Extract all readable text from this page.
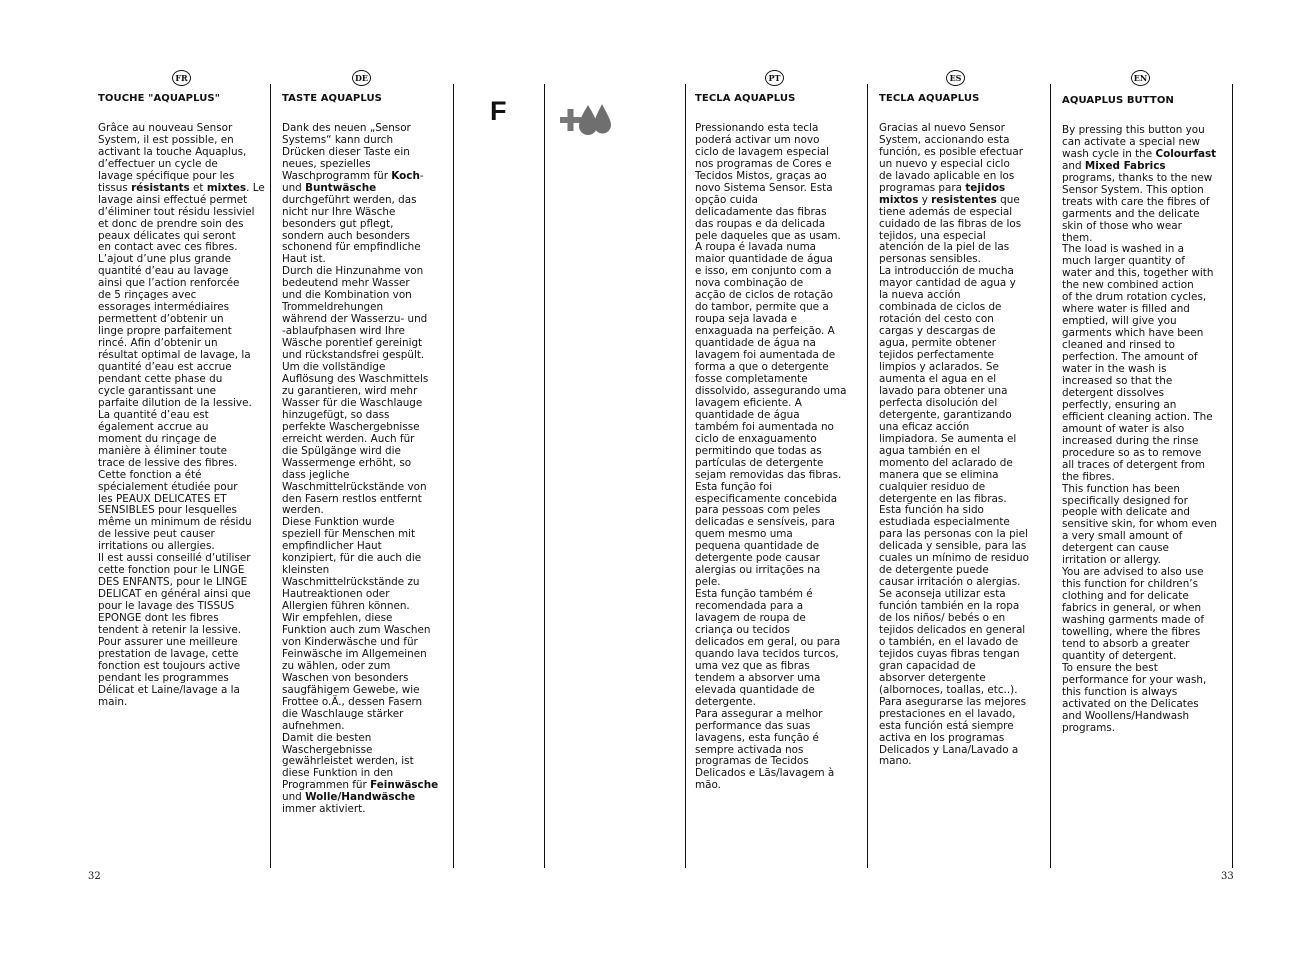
FR	DE	PT	ES	EN
F
TOUCHE "AQUAPLUS"
Grâce au nouveau Sensor
System, il est possible, en
activant la touche Aquaplus,
d’effectuer un cycle de
lavage spécifique pour les
tissus résistants et mixtes. Le
lavage ainsi effectué permet
d’éliminer tout résidu lessiviel
et donc de prendre soin des
peaux délicates qui seront
en contact avec ces fibres.
L’ajout d’une plus grande
quantité d’eau au lavage
ainsi que l’action renforcée
de 5 rinçages avec
essorages intermédiaires
permettent d’obtenir un
linge propre parfaitement
rincé. Afin d’obtenir un
résultat optimal de lavage, la
quantité d’eau est accrue
pendant cette phase du
cycle garantissant une
parfaite dilution de la lessive.
La quantité d’eau est
également accrue au
moment du rinçage de
manière à éliminer toute
trace de lessive des fibres.
Cette fonction a été
spécialement étudiée pour
les PEAUX DELICATES ET
SENSIBLES pour lesquelles
même un minimum de résidu
de lessive peut causer
irritations ou allergies.
Il est aussi conseillé d’utiliser
cette fonction pour le LINGE
DES ENFANTS, pour le LINGE
DELICAT en général ainsi que
pour le lavage des TISSUS
EPONGE dont les fibres
tendent à retenir la lessive.
Pour assurer une meilleure
prestation de lavage, cette
fonction est toujours active
pendant les programmes
Délicat et Laine/lavage a la
main.
TASTE AQUAPLUS
Dank des neuen „Sensor
Systems“ kann durch
Drücken dieser Taste ein
neues, spezielles
Waschprogramm für Koch-
und Buntwäsche
durchgeführt werden, das
nicht nur Ihre Wäsche
besonders gut pflegt,
sondern auch besonders
schonend für empfindliche
Haut ist.
Durch die Hinzunahme von
bedeutend mehr Wasser
und die Kombination von
Trommeldrehungen
während der Wasserzu- und
-ablaufphasen wird Ihre
Wäsche porentief gereinigt
und rückstandsfrei gespült.
Um die vollständige
Auflösung des Waschmittels
zu garantieren, wird mehr
Wasser für die Waschlauge
hinzugefügt, so dass
perfekte Waschergebnisse
erreicht werden. Auch für
die Spülgänge wird die
Wassermenge erhöht, so
dass jegliche
Waschmittelrückstände von
den Fasern restlos entfernt
werden.
Diese Funktion wurde
speziell für Menschen mit
empfindlicher Haut
konzipiert, für die auch die
kleinsten
Waschmittelrückstände zu
Hautreaktionen oder
Allergien führen können.
Wir empfehlen, diese
Funktion auch zum Waschen
von Kinderwäsche und für
Feinwäsche im Allgemeinen
zu wählen, oder zum
Waschen von besonders
saugfähigem Gewebe, wie
Frottee o.Ä., dessen Fasern
die Waschlauge stärker
aufnehmen.
Damit die besten
Waschergebnisse
gewährleistet werden, ist
diese Funktion in den
Programmen für Feinwäsche
und Wolle/Handwäsche
immer aktiviert.
TECLA AQUAPLUS
Pressionando esta tecla
poderá activar um novo
ciclo de lavagem especial
nos programas de Cores e
Tecidos Mistos, graças ao
novo Sistema Sensor. Esta
opção cuida
delicadamente das fibras
das roupas e da delicada
pele daqueles que as usam.
A roupa é lavada numa
maior quantidade de água
e isso, em conjunto com a
nova combinação de
acção de ciclos de rotação
do tambor, permite que a
roupa seja lavada e
enxaguada na perfeição. A
quantidade de água na
lavagem foi aumentada de
forma a que o detergente
fosse completamente
dissolvido, assegurando uma
lavagem eficiente. A
quantidade de água
também foi aumentada no
ciclo de enxaguamento
permitindo que todas as
partículas de detergente
sejam removidas das fibras.
Esta função foi
especificamente concebida
para pessoas com peles
delicadas e sensíveis, para
quem mesmo uma
pequena quantidade de
detergente pode causar
alergias ou irritações na
pele.
Esta função também é
recomendada para a
lavagem de roupa de
criança ou tecidos
delicados em geral, ou para
quando lava tecidos turcos,
uma vez que as fibras
tendem a absorver uma
elevada quantidade de
detergente.
Para assegurar a melhor
performance das suas
lavagens, esta função é
sempre activada nos
programas de Tecidos
Delicados e Lãs/lavagem à
mão.
TECLA AQUAPLUS
Gracias al nuevo Sensor
System, accionando esta
función, es posible efectuar
un nuevo y especial ciclo
de lavado aplicable en los
programas para tejidos
mixtos y resistentes que
tiene además de especial
cuidado de las fibras de los
tejidos, una especial
atención de la piel de las
personas sensibles.
La introducción de mucha
mayor cantidad de agua y
la nueva acción
combinada de ciclos de
rotación del cesto con
cargas y descargas de
agua, permite obtener
tejidos perfectamente
limpios y aclarados. Se
aumenta el agua en el
lavado para obtener una
perfecta disolución del
detergente, garantizando
una eficaz acción
limpiadora. Se aumenta el
agua también en el
momento del aclarado de
manera que se elimina
cualquier residuo de
detergente en las fibras.
Esta función ha sido
estudiada especialmente
para las personas con la piel
delicada y sensible, para las
cuales un mínimo de residuo
de detergente puede
causar irritación o alergias.
Se aconseja utilizar esta
función también en la ropa
de los niños/ bebés o en
tejidos delicados en general
o también, en el lavado de
tejidos cuyas fibras tengan
gran capacidad de
absorver detergente
(albornoces, toallas, etc..).
Para asegurarse las mejores
prestaciones en el lavado,
esta función está siempre
activa en los programas
Delicados y Lana/Lavado a
mano.
AQUAPLUS BUTTON
By pressing this button you
can activate a special new
wash cycle in the Colourfast
and Mixed Fabrics
programs, thanks to the new
Sensor System. This option
treats with care the fibres of
garments and the delicate
skin of those who wear
them.
The load is washed in a
much larger quantity of
water and this, together with
the new combined action
of the drum rotation cycles,
where water is filled and
emptied, will give you
garments which have been
cleaned and rinsed to
perfection. The amount of
water in the wash is
increased so that the
detergent dissolves
perfectly, ensuring an
efficient cleaning action. The
amount of water is also
increased during the rinse
procedure so as to remove
all traces of detergent from
the fibres.
This function has been
specifically designed for
people with delicate and
sensitive skin, for whom even
a very small amount of
detergent can cause
irritation or allergy.
You are advised to also use
this function for children’s
clothing and for delicate
fabrics in general, or when
washing garments made of
towelling, where the fibres
tend to absorb a greater
quantity of detergent.
To ensure the best
performance for your wash,
this function is always
activated on the Delicates
and Woollens/Handwash
programs.
32	33
